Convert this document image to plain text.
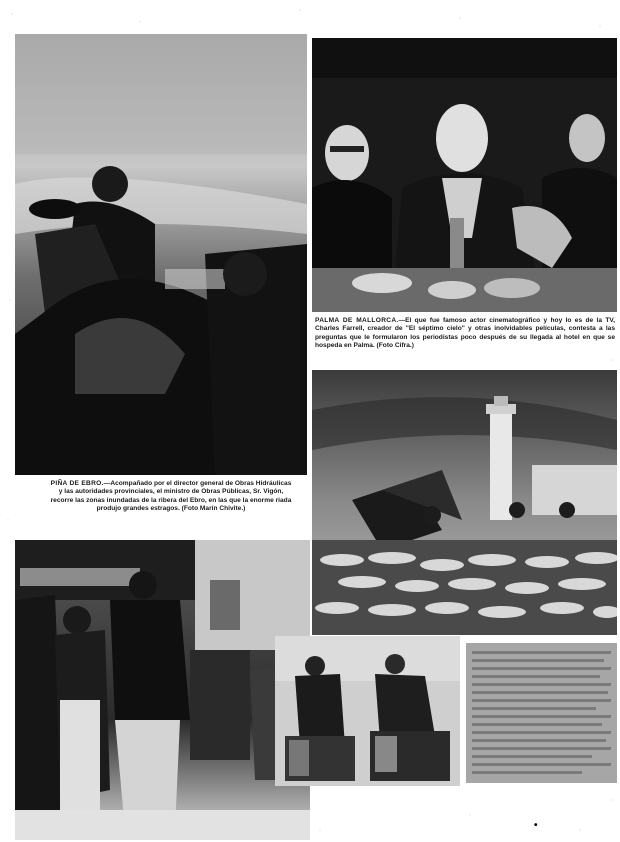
PIÑA DE EBRO.—Acompañado por el director general de Obras Hidráulicas y las autoridades provinciales, el ministro de Obras Públicas, Sr. Vigón, recorre las zonas inundadas de la ribera del Ebro, en las que la enorme riada produjo grandes estragos. (Foto Marín Chivite.)
PALMA DE MALLORCA.—El que fue famoso actor cinematográfico y hoy lo es de la TV, Charles Farrell, creador de "El séptimo cielo" y otras inolvidables películas, contesta a las preguntas que le formularon los periodistas poco después de su llegada al hotel en que se hospeda en Palma. (Foto Cifra.)
•
